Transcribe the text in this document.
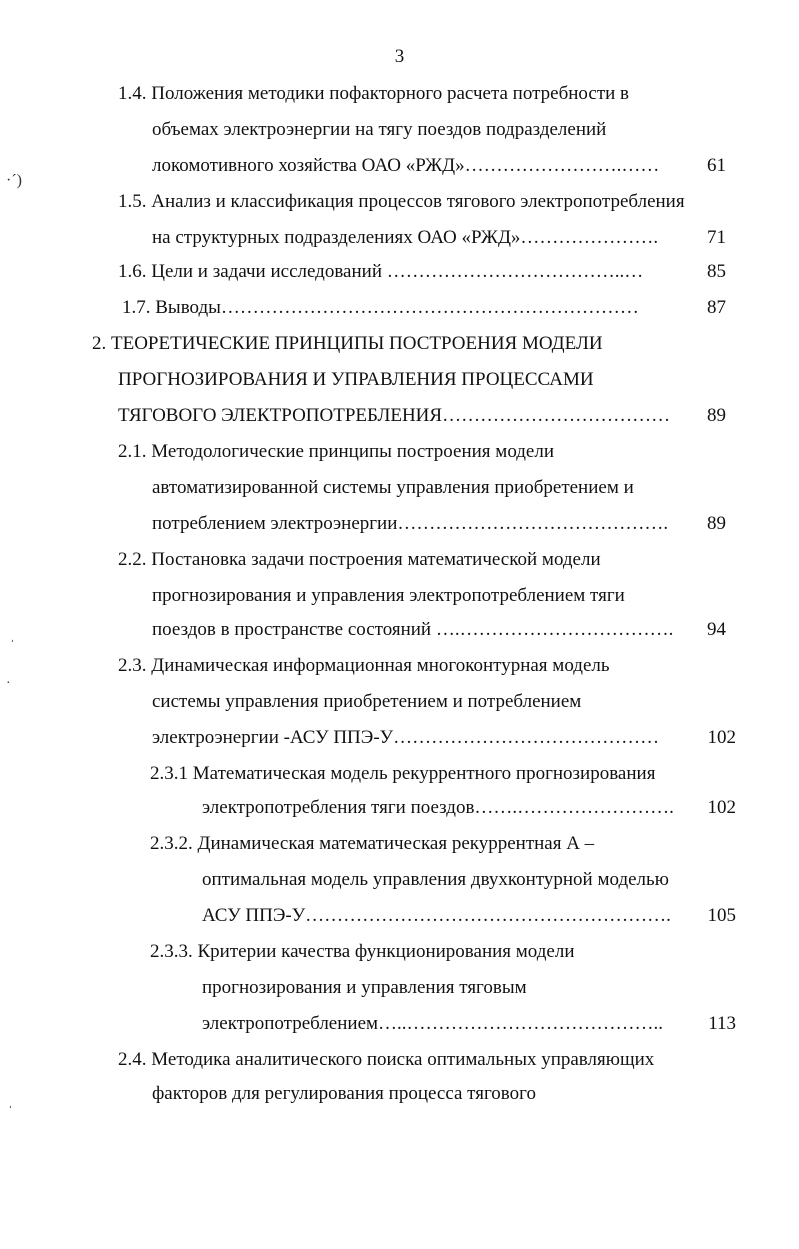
3
·ˊ)
ˌ
·
ˌ
1.4. Положения методики пофакторного расчета потребности в
объемах электроэнергии на тягу поездов подразделений
локомотивного хозяйства ОАО «РЖД»…………………….……	61
1.5. Анализ и классификация процессов тягового электропотребления
на структурных подразделениях ОАО «РЖД»………………….	71
1.6. Цели и задачи исследований ………………………………..…	85
1.7. Выводы…………………………………………………………	87
2. ТЕОРЕТИЧЕСКИЕ ПРИНЦИПЫ ПОСТРОЕНИЯ МОДЕЛИ
ПРОГНОЗИРОВАНИЯ И УПРАВЛЕНИЯ ПРОЦЕССАМИ
ТЯГОВОГО ЭЛЕКТРОПОТРЕБЛЕНИЯ………………………………	89
2.1. Методологические принципы построения модели
автоматизированной системы управления приобретением и
потреблением электроэнергии…………………………………….	89
2.2. Постановка задачи построения математической модели
прогнозирования и управления электропотреблением тяги
поездов в пространстве состояний ….…………………………….	94
2.3. Динамическая информационная многоконтурная модель
системы управления приобретением и потреблением
электроэнергии -АСУ ППЭ-У……………………………………	102
2.3.1 Математическая модель рекуррентного прогнозирования
электропотребления тяги поездов…….…………………….	102
2.3.2. Динамическая математическая рекуррентная А –
оптимальная модель управления двухконтурной моделью
АСУ ППЭ-У………………………………………………….	105
2.3.3. Критерии качества функционирования модели
прогнозирования и управления тяговым
электропотреблением…..…………………………………..	113
2.4. Методика аналитического поиска оптимальных управляющих
факторов для регулирования процесса тягового
